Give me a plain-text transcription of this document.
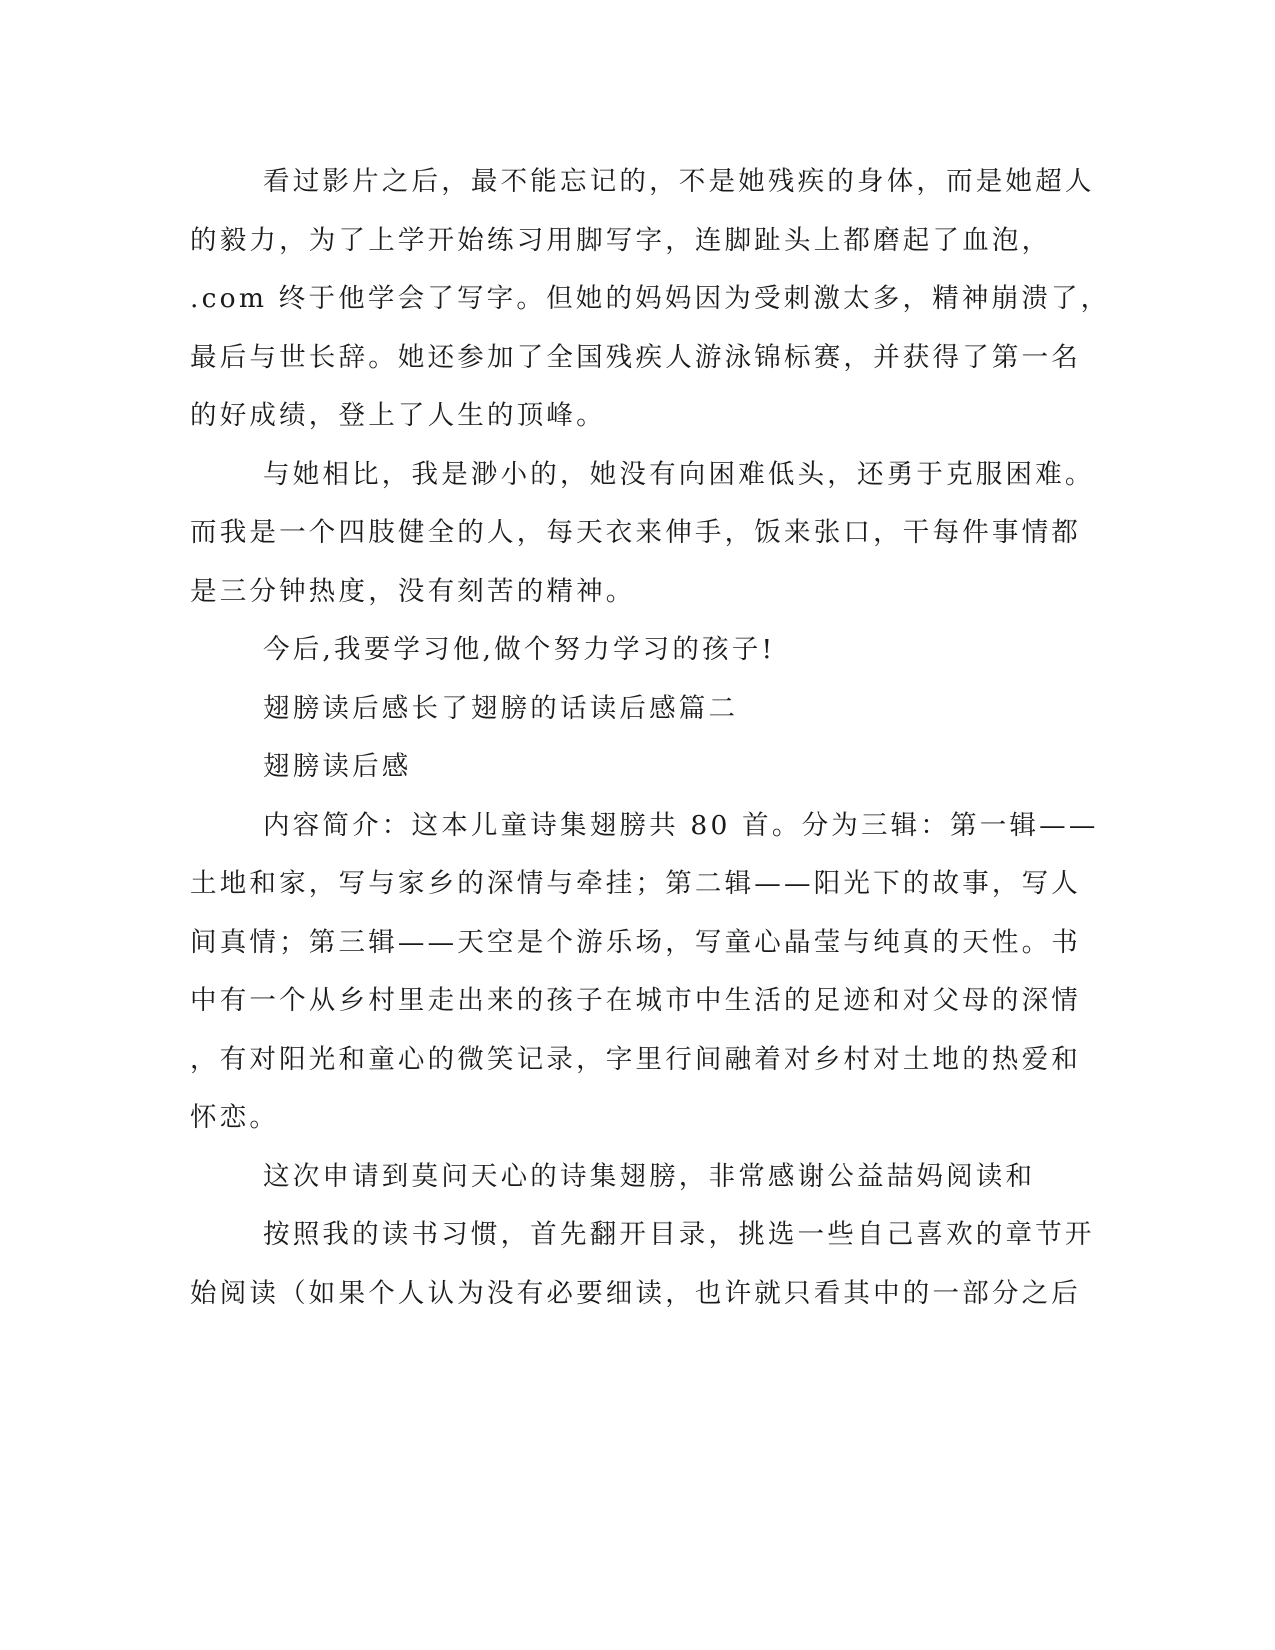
看过影片之后，最不能忘记的，不是她残疾的身体，而是她超人
的毅力，为了上学开始练习用脚写字，连脚趾头上都磨起了血泡，
.com 终于他学会了写字。但她的妈妈因为受刺激太多，精神崩溃了，
最后与世长辞。她还参加了全国残疾人游泳锦标赛，并获得了第一名
的好成绩，登上了人生的顶峰。
与她相比，我是渺小的，她没有向困难低头，还勇于克服困难。
而我是一个四肢健全的人，每天衣来伸手，饭来张口，干每件事情都
是三分钟热度，没有刻苦的精神。
今后,我要学习他,做个努力学习的孩子!
翅膀读后感长了翅膀的话读后感篇二
翅膀读后感
内容简介：这本儿童诗集翅膀共 80 首。分为三辑：第一辑——
土地和家，写与家乡的深情与牵挂；第二辑——阳光下的故事，写人
间真情；第三辑——天空是个游乐场，写童心晶莹与纯真的天性。书
中有一个从乡村里走出来的孩子在城市中生活的足迹和对父母的深情
，有对阳光和童心的微笑记录，字里行间融着对乡村对土地的热爱和
怀恋。
这次申请到莫问天心的诗集翅膀，非常感谢公益喆妈阅读和
按照我的读书习惯，首先翻开目录，挑选一些自己喜欢的章节开
始阅读（如果个人认为没有必要细读，也许就只看其中的一部分之后
